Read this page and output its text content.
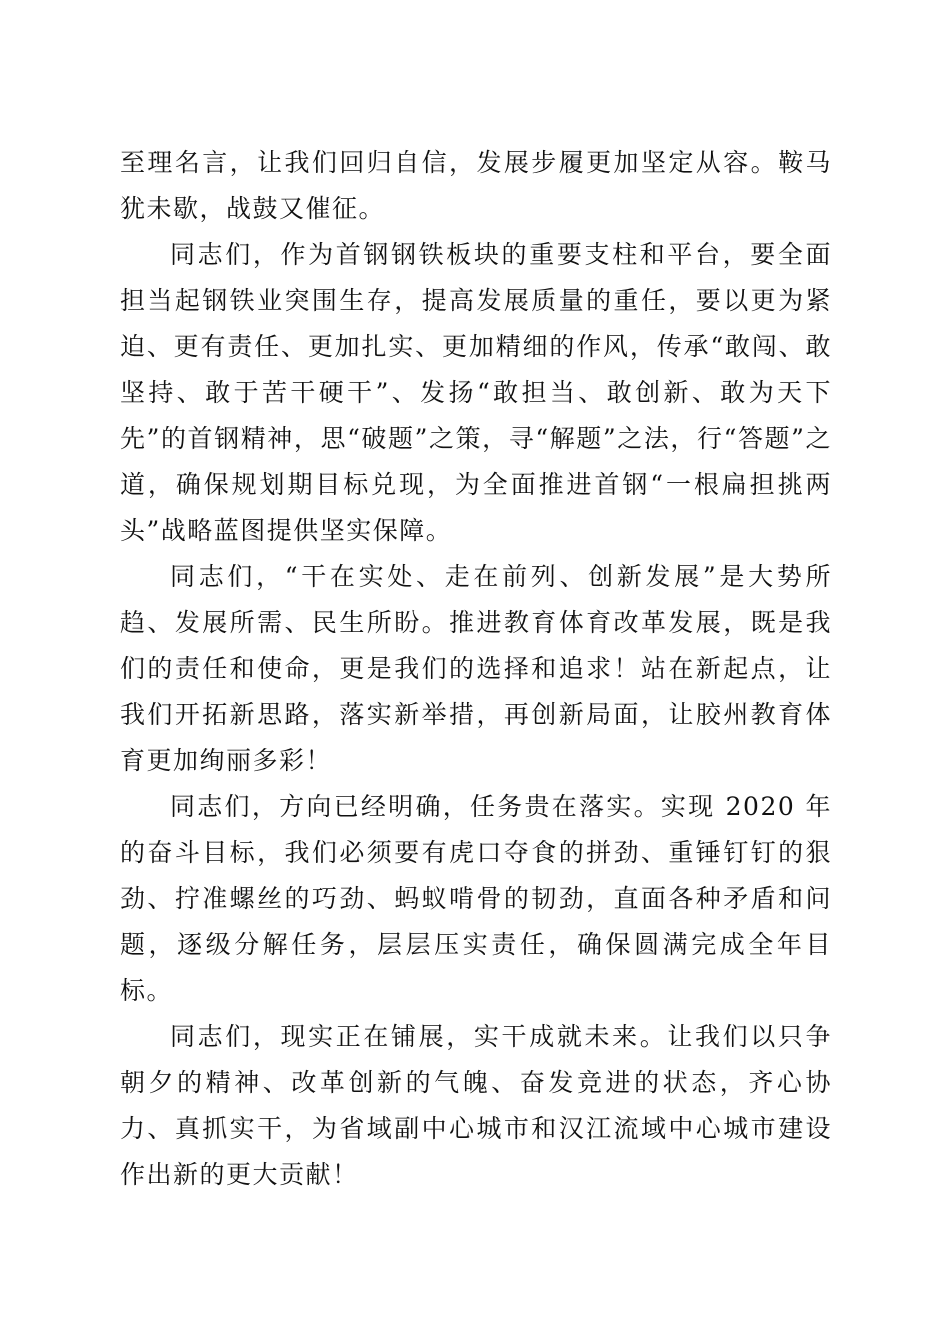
至理名言，让我们回归自信，发展步履更加坚定从容。鞍马犹未歇，战鼓又催征。

同志们，作为首钢钢铁板块的重要支柱和平台，要全面担当起钢铁业突围生存，提高发展质量的重任，要以更为紧迫、更有责任、更加扎实、更加精细的作风，传承“敢闯、敢坚持、敢于苦干硬干”、发扬“敢担当、敢创新、敢为天下先”的首钢精神，思“破题”之策，寻“解题”之法，行“答题”之道，确保规划期目标兑现，为全面推进首钢“一根扁担挑两头”战略蓝图提供坚实保障。

同志们，“干在实处、走在前列、创新发展”是大势所趋、发展所需、民生所盼。推进教育体育改革发展，既是我们的责任和使命，更是我们的选择和追求！站在新起点，让我们开拓新思路，落实新举措，再创新局面，让胶州教育体育更加绚丽多彩！

同志们，方向已经明确，任务贵在落实。实现 2020 年的奋斗目标，我们必须要有虎口夺食的拼劲、重锤钉钉的狠劲、拧准螺丝的巧劲、蚂蚁啃骨的韧劲，直面各种矛盾和问题，逐级分解任务，层层压实责任，确保圆满完成全年目标。

同志们，现实正在铺展，实干成就未来。让我们以只争朝夕的精神、改革创新的气魄、奋发竞进的状态，齐心协力、真抓实干，为省域副中心城市和汉江流域中心城市建设作出新的更大贡献！
